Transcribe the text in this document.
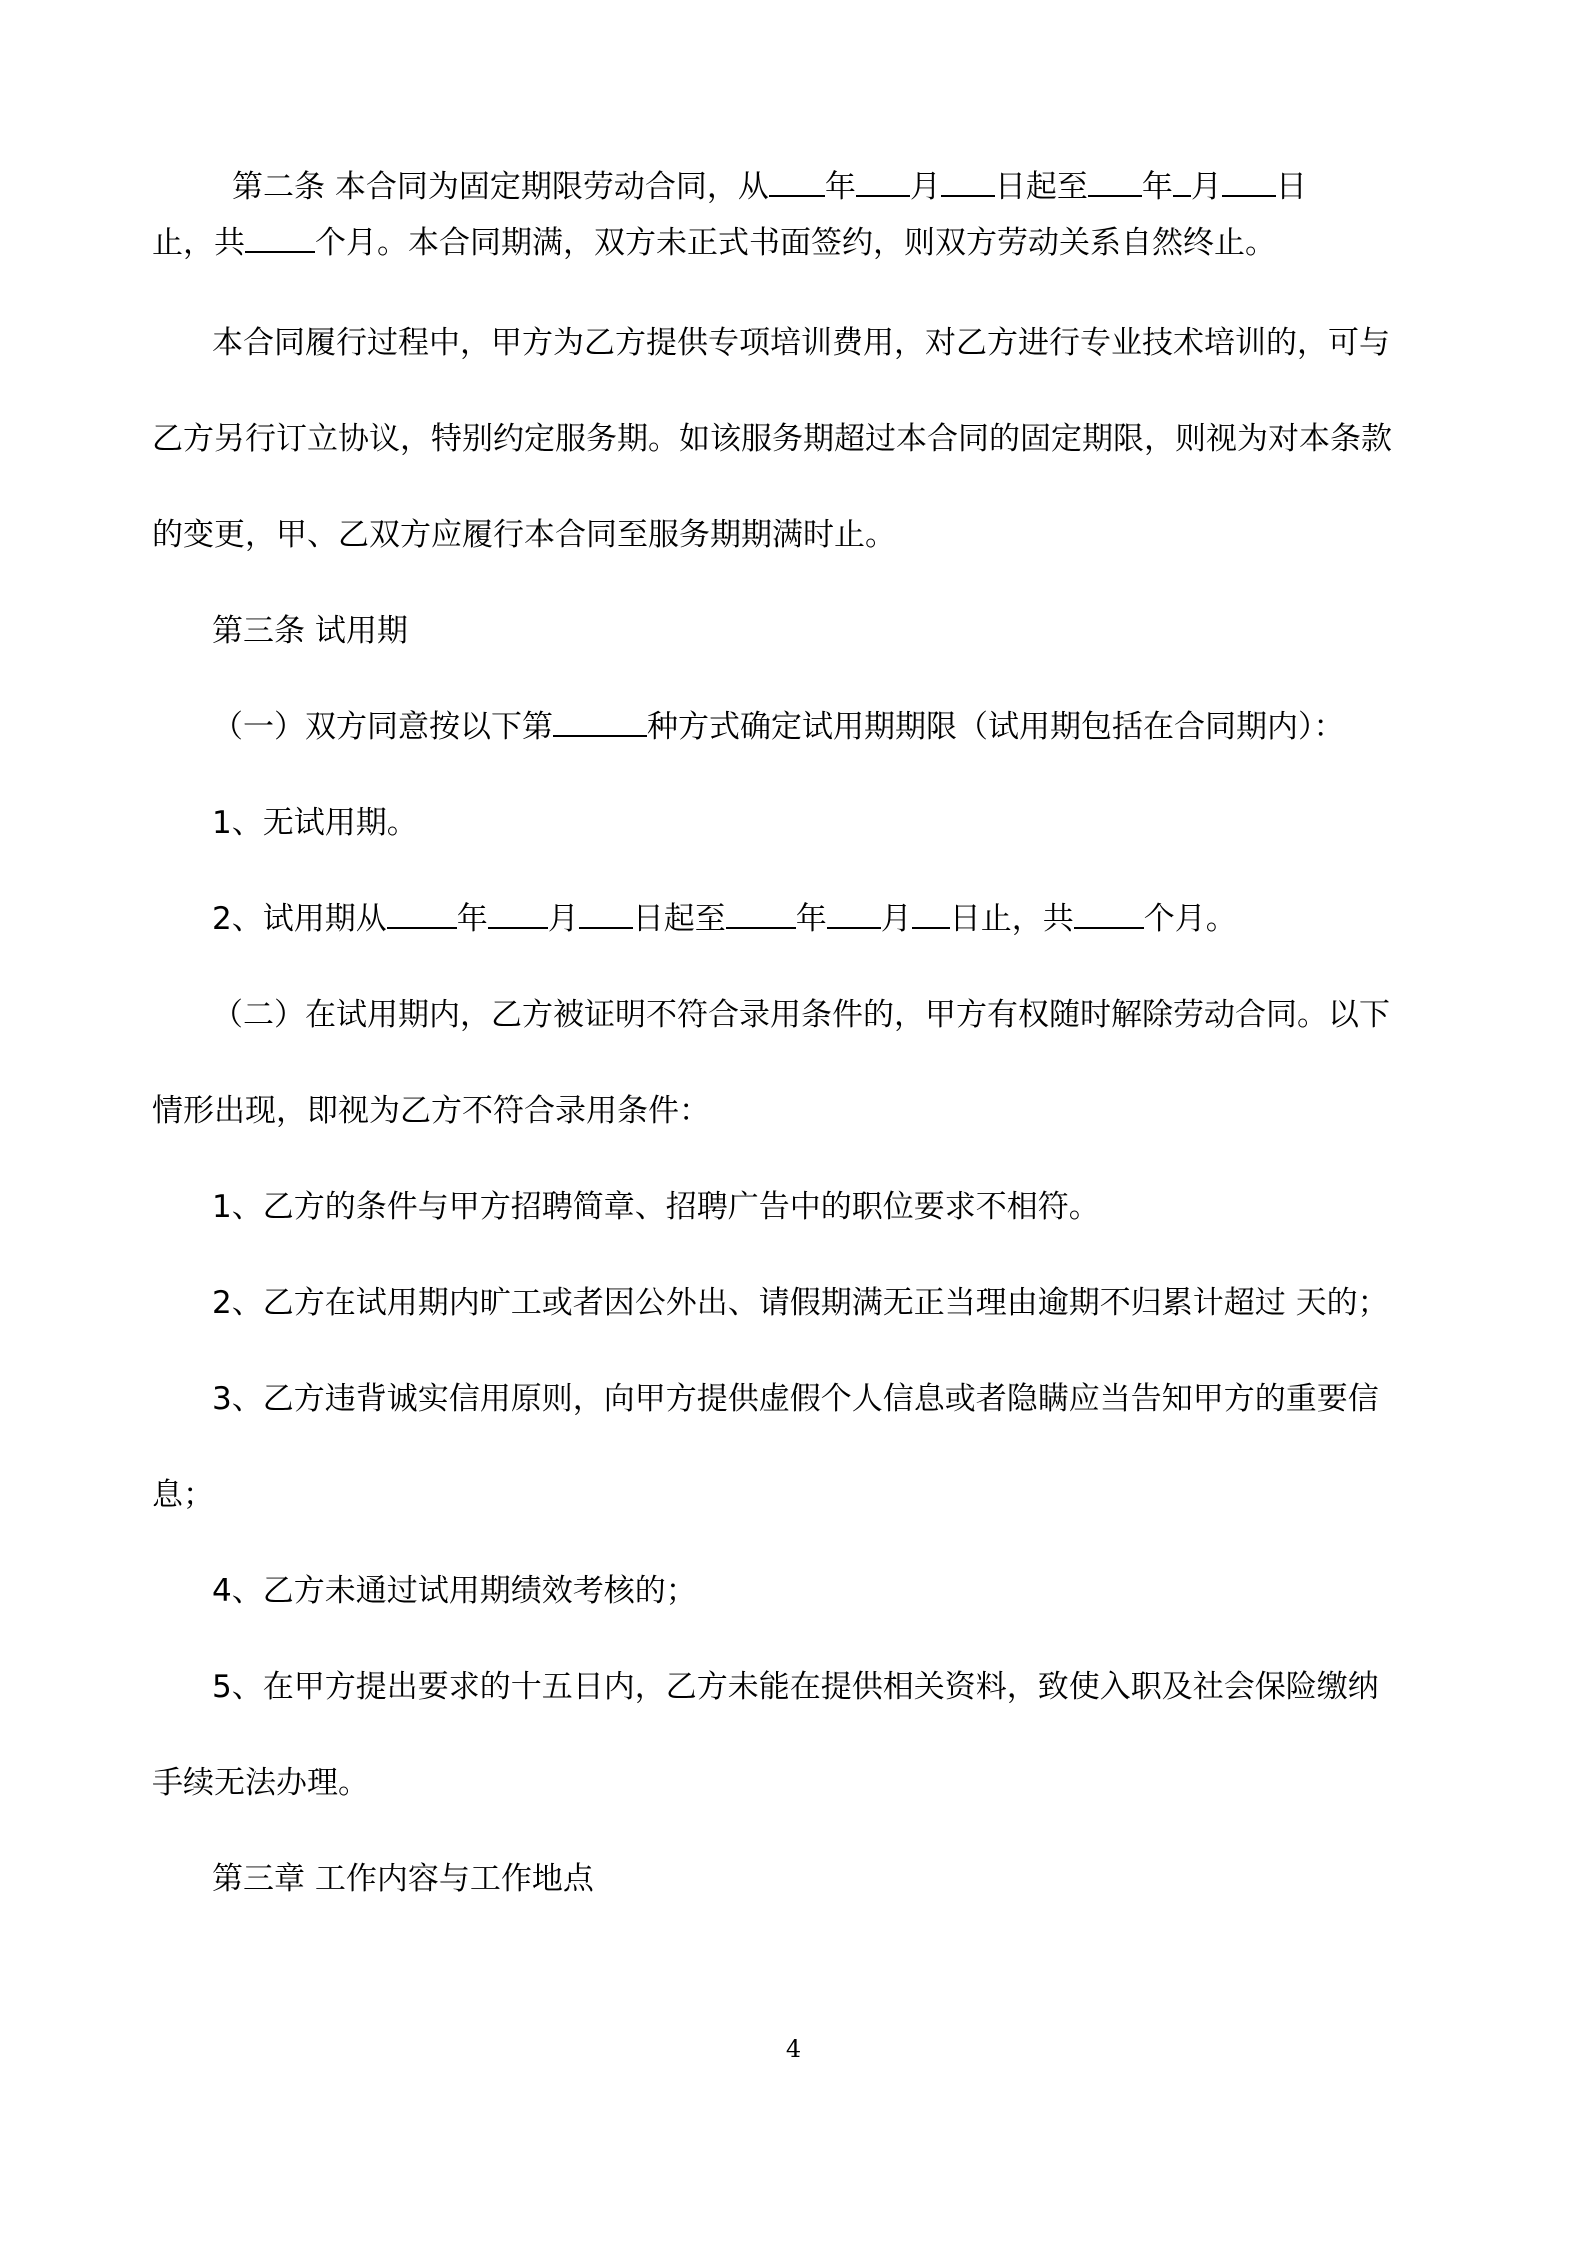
第二条 本合同为固定期限劳动合同，从 年 月 日起至 年 月 日

止，共 个月。本合同期满，双方未正式书面签约，则双方劳动关系自然终止。

本合同履行过程中，甲方为乙方提供专项培训费用，对乙方进行专业技术培训的，可与

乙方另行订立协议，特别约定服务期。如该服务期超过本合同的固定期限，则视为对本条款

的变更，甲、乙双方应履行本合同至服务期期满时止。

第三条 试用期

（一）双方同意按以下第	种方式确定试用期期限（试用期包括在合同期内）：

1、无试用期。

2、试用期从 年 月 日起至 年 月 日止，共 个月。

（二）在试用期内，乙方被证明不符合录用条件的，甲方有权随时解除劳动合同。以下

情形出现，即视为乙方不符合录用条件：

1、乙方的条件与甲方招聘简章、招聘广告中的职位要求不相符。

2、乙方在试用期内旷工或者因公外出、请假期满无正当理由逾期不归累计超过 天的；

3、乙方违背诚实信用原则，向甲方提供虚假个人信息或者隐瞒应当告知甲方的重要信

息；

4、乙方未通过试用期绩效考核的；

5、在甲方提出要求的十五日内，乙方未能在提供相关资料，致使入职及社会保险缴纳

手续无法办理。

第三章 工作内容与工作地点

4
